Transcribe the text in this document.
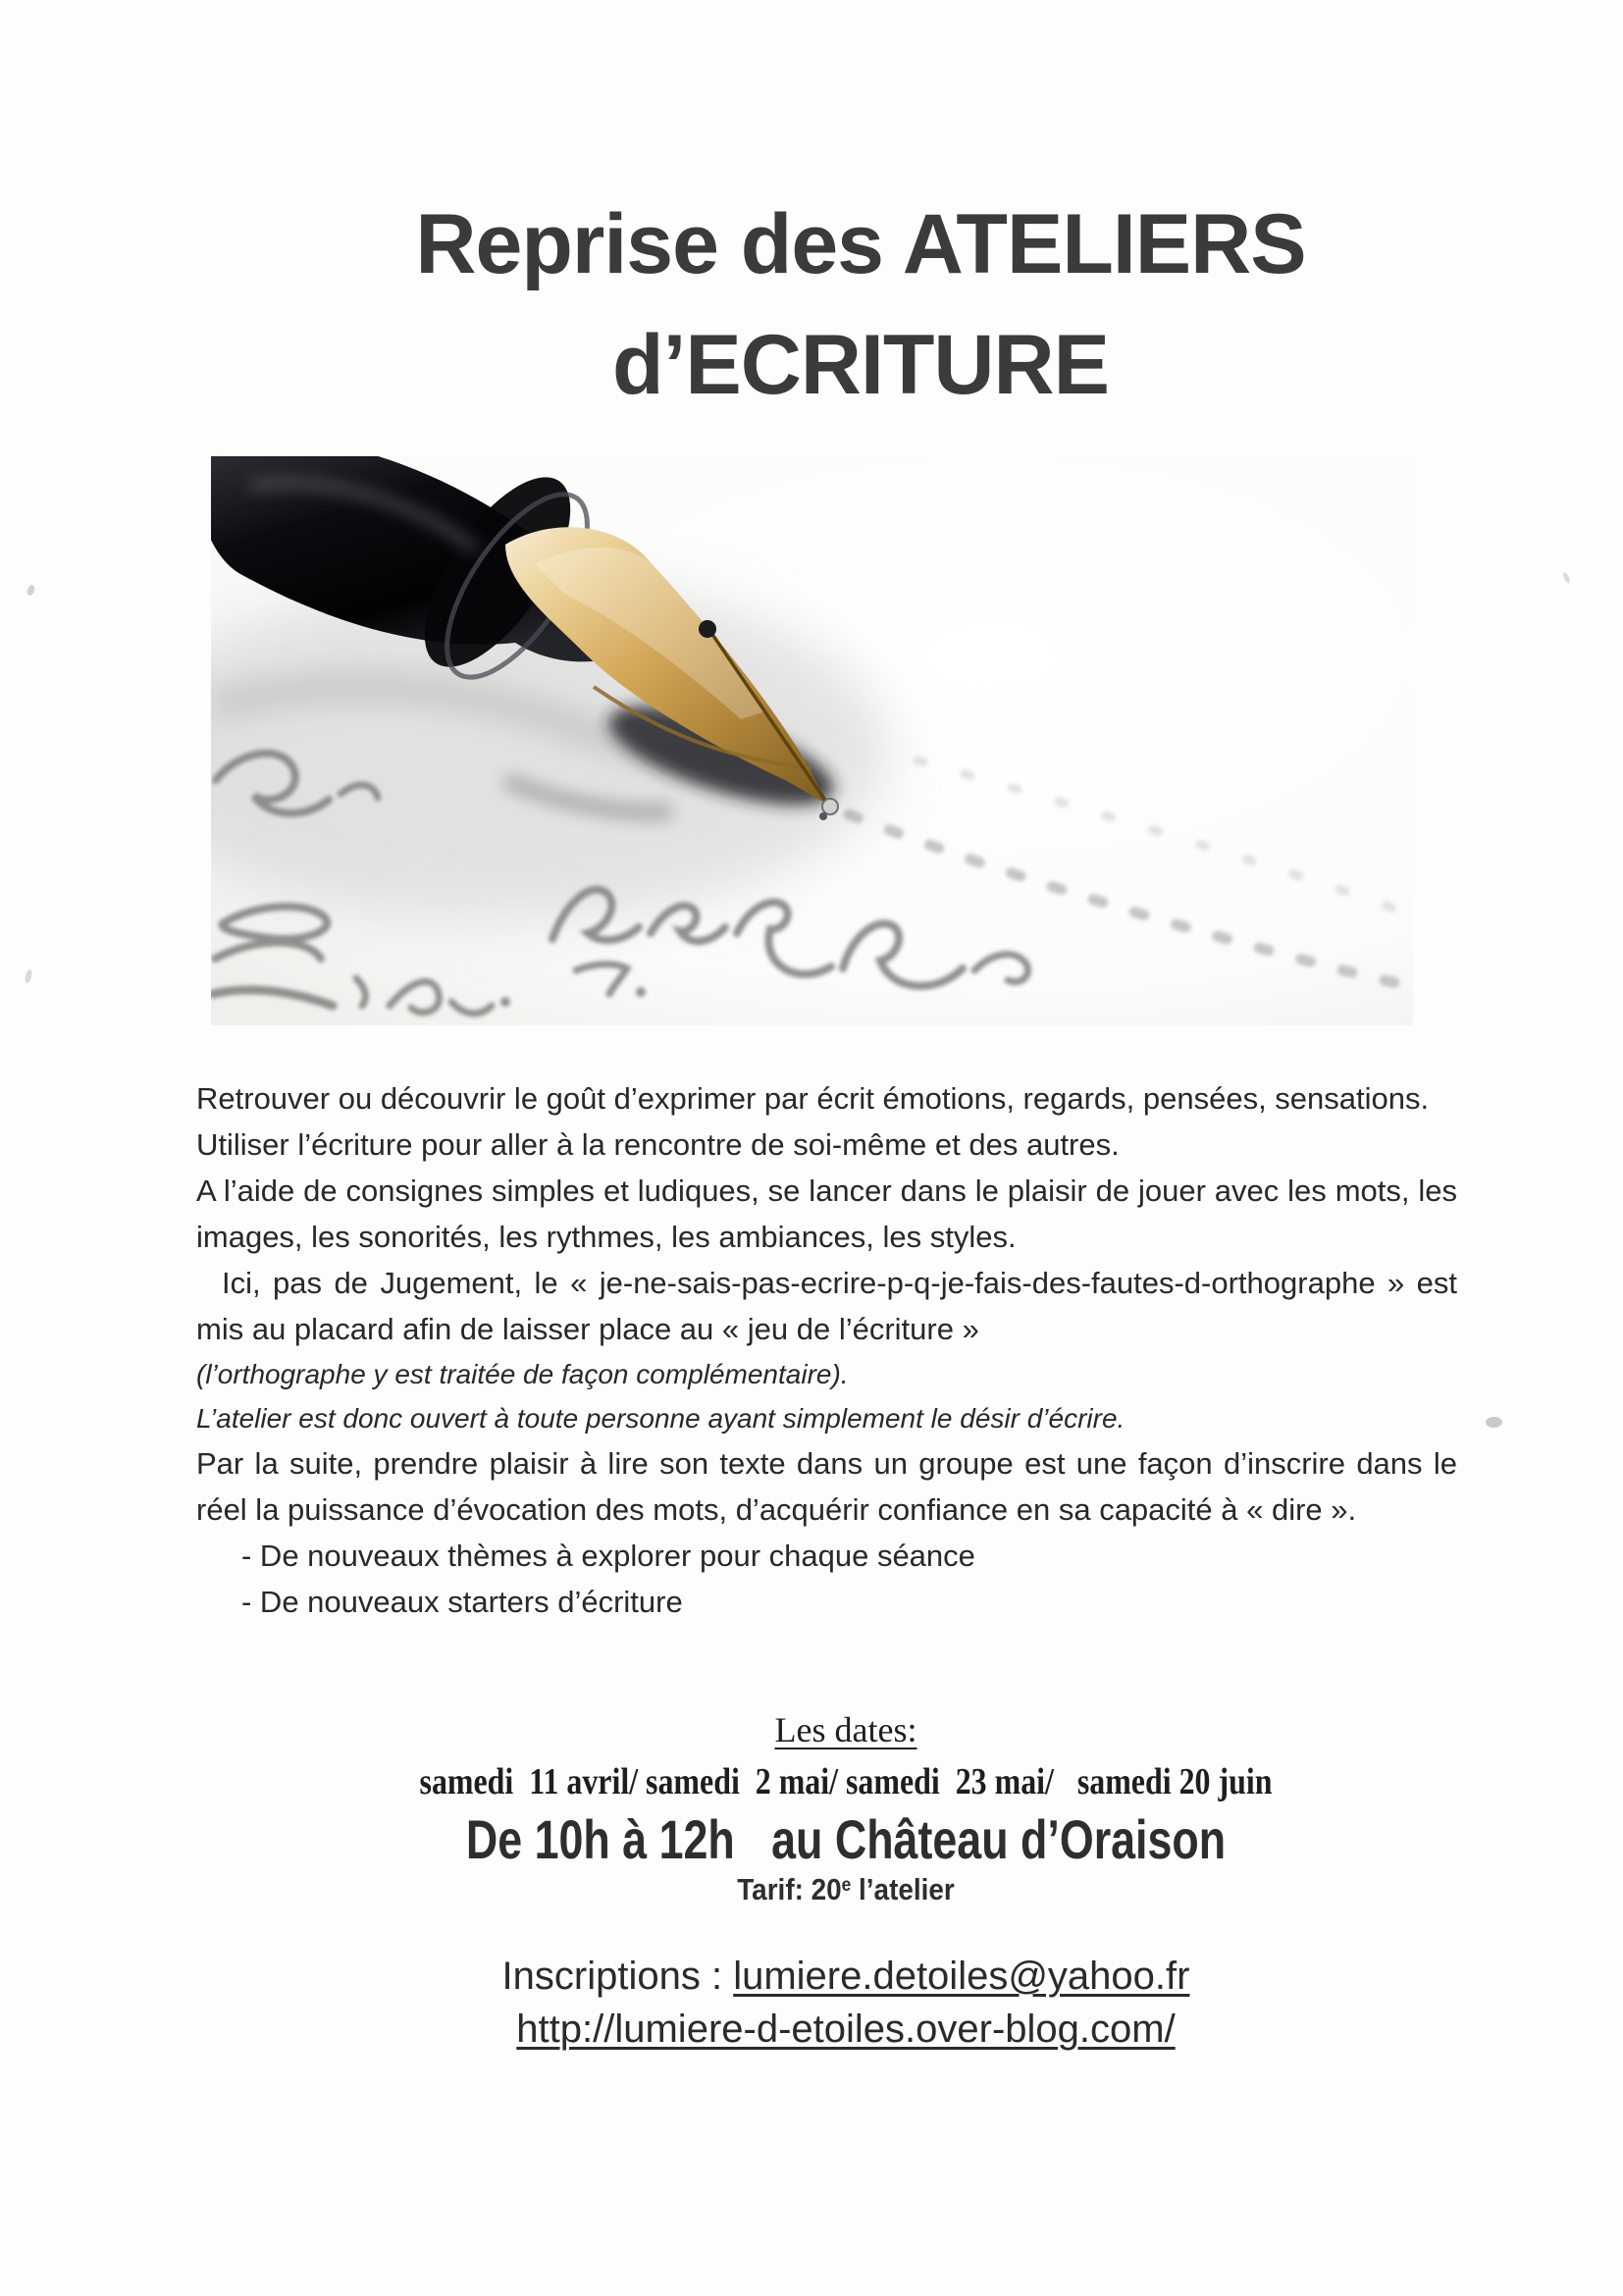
Reprise des ATELIERS
d’ECRITURE

Retrouver ou découvrir le goût d’exprimer par écrit émotions, regards, pensées, sensations.

Utiliser l’écriture pour aller à la rencontre de soi-même et des autres.

A l’aide de consignes simples et ludiques, se lancer dans le plaisir de jouer avec les mots, les images, les sonorités, les rythmes, les ambiances, les styles.

Ici, pas de Jugement, le « je-ne-sais-pas-ecrire-p-q-je-fais-des-fautes-d-orthographe » est mis au placard afin de laisser place au « jeu de l’écriture »

(l’orthographe y est traitée de façon complémentaire).

L’atelier est donc ouvert à toute personne ayant simplement le désir d’écrire.

Par la suite, prendre plaisir à lire son texte dans un groupe est une façon d’inscrire dans le réel la puissance d’évocation des mots, d’acquérir confiance en sa capacité à « dire ».

- De nouveaux thèmes à explorer pour chaque séance

- De nouveaux starters d’écriture

Les dates:
samedi  11 avril/ samedi  2 mai/ samedi  23 mai/   samedi 20 juin
De 10h à 12h   au Château d’Oraison
Tarif: 20e l’atelier
Inscriptions : lumiere.detoiles@yahoo.fr
http://lumiere-d-etoiles.over-blog.com/
